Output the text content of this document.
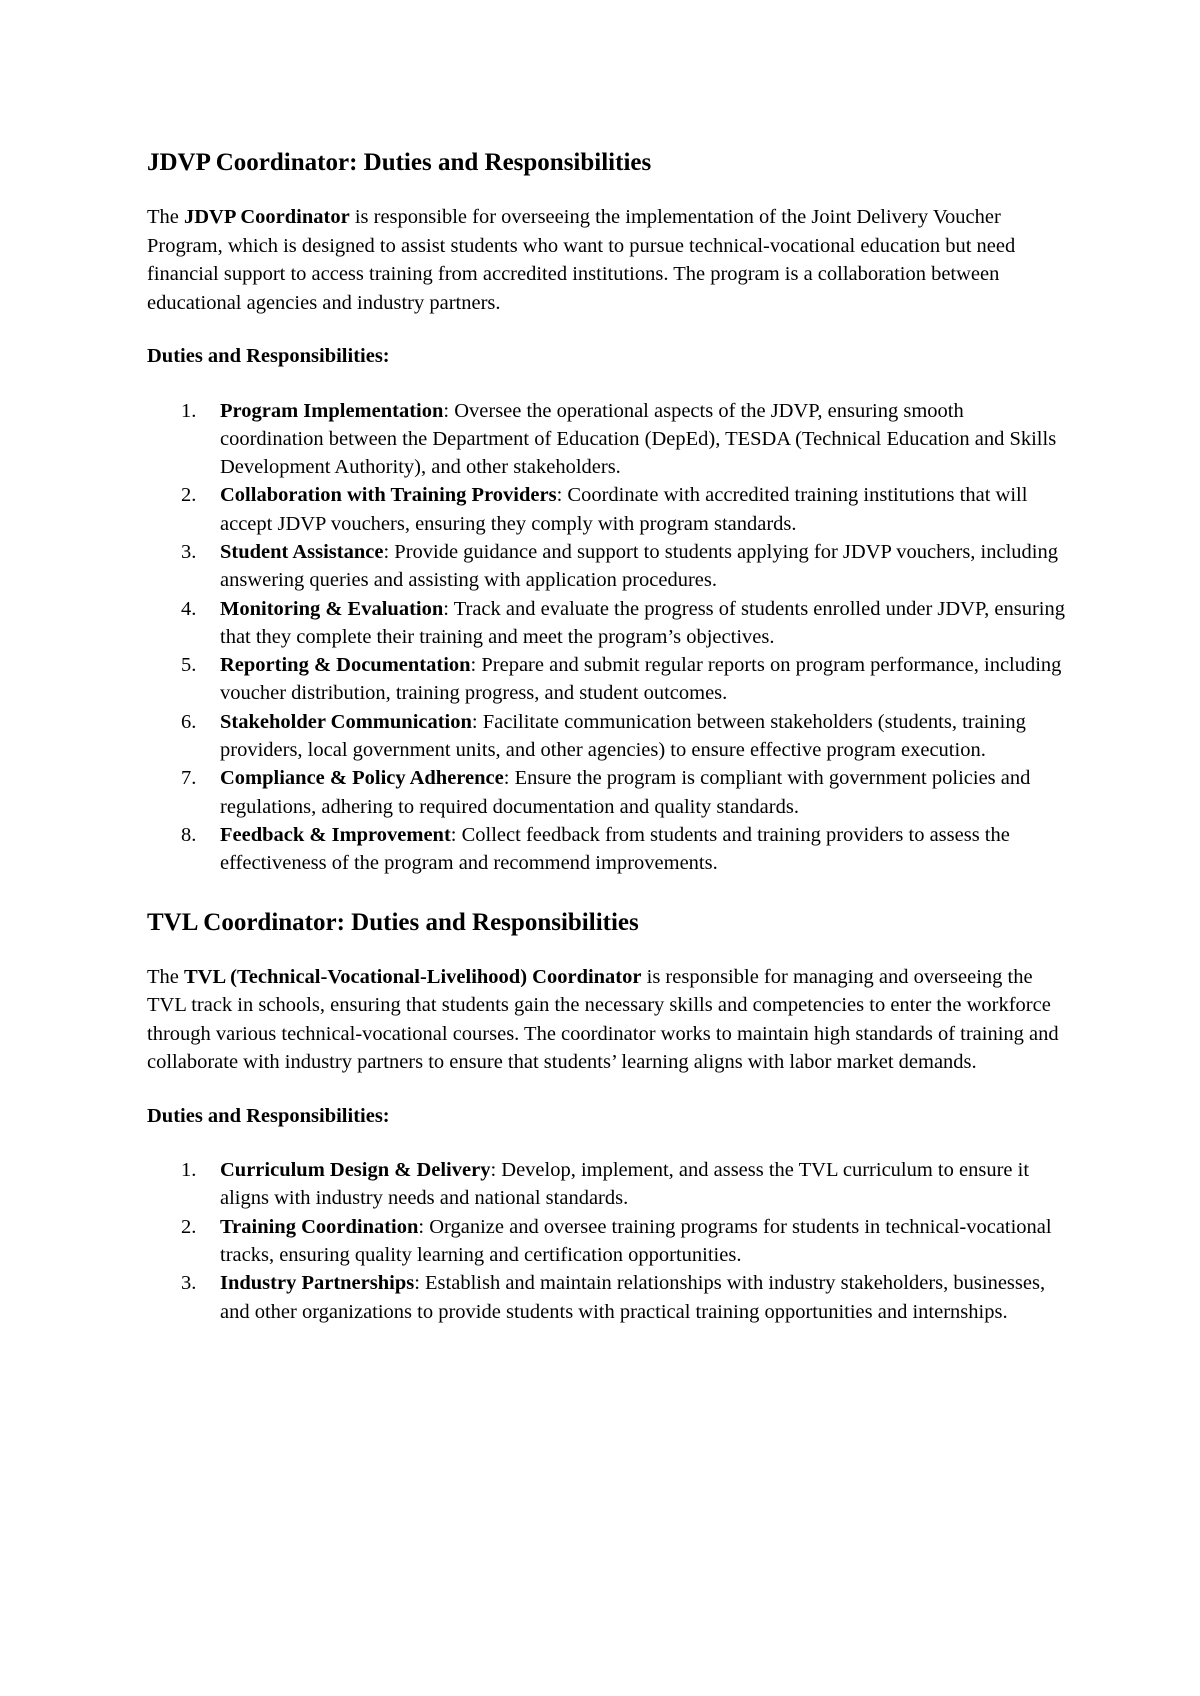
JDVP Coordinator: Duties and Responsibilities

The JDVP Coordinator is responsible for overseeing the implementation of the Joint Delivery Voucher Program, which is designed to assist students who want to pursue technical-vocational education but need financial support to access training from accredited institutions. The program is a collaboration between educational agencies and industry partners.

Duties and Responsibilities:

1. Program Implementation: Oversee the operational aspects of the JDVP, ensuring smooth coordination between the Department of Education (DepEd), TESDA (Technical Education and Skills Development Authority), and other stakeholders.
2. Collaboration with Training Providers: Coordinate with accredited training institutions that will accept JDVP vouchers, ensuring they comply with program standards.
3. Student Assistance: Provide guidance and support to students applying for JDVP vouchers, including answering queries and assisting with application procedures.
4. Monitoring & Evaluation: Track and evaluate the progress of students enrolled under JDVP, ensuring that they complete their training and meet the program’s objectives.
5. Reporting & Documentation: Prepare and submit regular reports on program performance, including voucher distribution, training progress, and student outcomes.
6. Stakeholder Communication: Facilitate communication between stakeholders (students, training providers, local government units, and other agencies) to ensure effective program execution.
7. Compliance & Policy Adherence: Ensure the program is compliant with government policies and regulations, adhering to required documentation and quality standards.
8. Feedback & Improvement: Collect feedback from students and training providers to assess the effectiveness of the program and recommend improvements.
TVL Coordinator: Duties and Responsibilities

The TVL (Technical-Vocational-Livelihood) Coordinator is responsible for managing and overseeing the TVL track in schools, ensuring that students gain the necessary skills and competencies to enter the workforce through various technical-vocational courses. The coordinator works to maintain high standards of training and collaborate with industry partners to ensure that students’ learning aligns with labor market demands.

Duties and Responsibilities:

1. Curriculum Design & Delivery: Develop, implement, and assess the TVL curriculum to ensure it aligns with industry needs and national standards.
2. Training Coordination: Organize and oversee training programs for students in technical-vocational tracks, ensuring quality learning and certification opportunities.
3. Industry Partnerships: Establish and maintain relationships with industry stakeholders, businesses, and other organizations to provide students with practical training opportunities and internships.
